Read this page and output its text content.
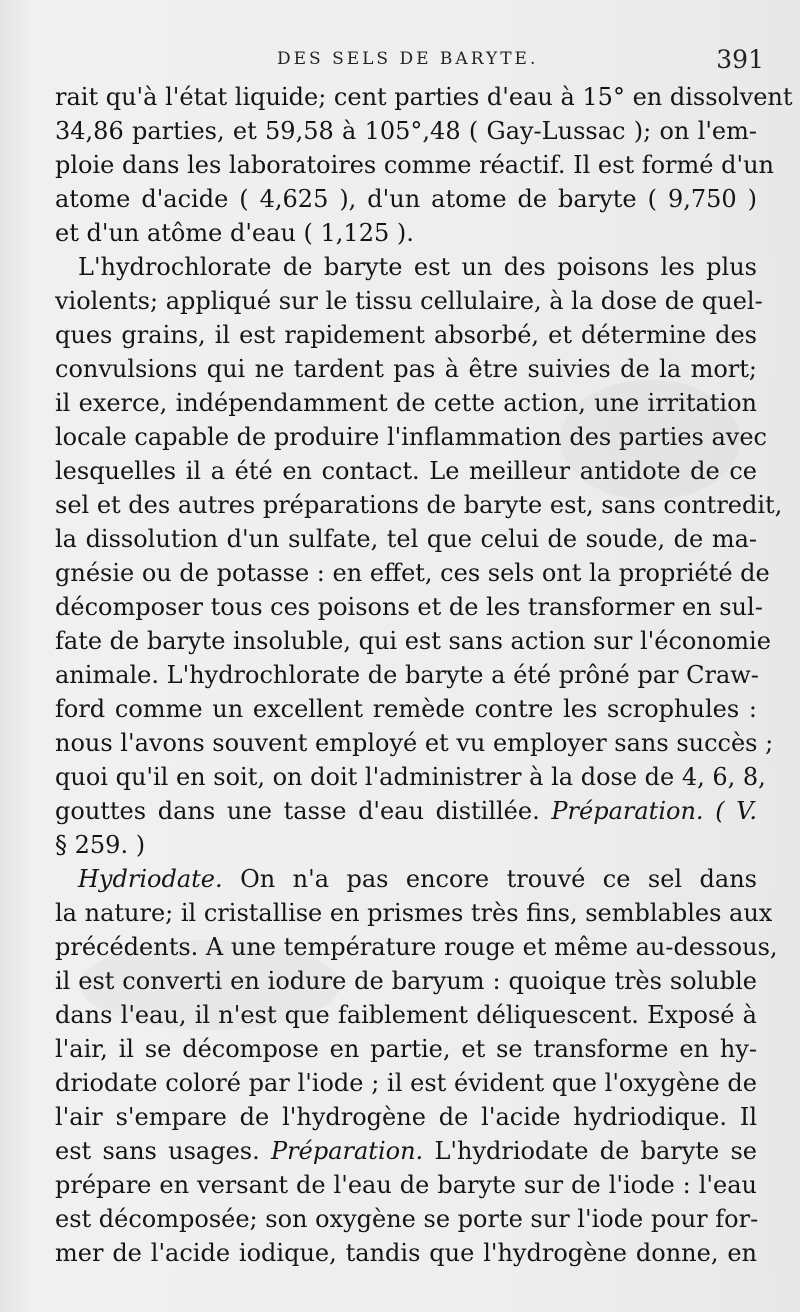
DES SELS DE BARYTE.	391
rait qu'à l'état liquide; cent parties d'eau à 15° en dissolvent
34,86 parties, et 59,58 à 105°,48 ( Gay-Lussac ); on l'em-
ploie dans les laboratoires comme réactif. Il est formé d'un
atome d'acide ( 4,625 ), d'un atome de baryte ( 9,750 )
et d'un atôme d'eau ( 1,125 ).
L'hydrochlorate de baryte est un des poisons les plus
violents; appliqué sur le tissu cellulaire, à la dose de quel-
ques grains, il est rapidement absorbé, et détermine des
convulsions qui ne tardent pas à être suivies de la mort;
il exerce, indépendamment de cette action, une irritation
locale capable de produire l'inflammation des parties avec
lesquelles il a été en contact. Le meilleur antidote de ce
sel et des autres préparations de baryte est, sans contredit,
la dissolution d'un sulfate, tel que celui de soude, de ma-
gnésie ou de potasse : en effet, ces sels ont la propriété de
décomposer tous ces poisons et de les transformer en sul-
fate de baryte insoluble, qui est sans action sur l'économie
animale. L'hydrochlorate de baryte a été prôné par Craw-
ford comme un excellent remède contre les scrophules :
nous l'avons souvent employé et vu employer sans succès ;
quoi qu'il en soit, on doit l'administrer à la dose de 4, 6, 8,
gouttes dans une tasse d'eau distillée. Préparation. ( V.
§ 259. )
Hydriodate. On n'a pas encore trouvé ce sel dans
la nature; il cristallise en prismes très fins, semblables aux
précédents. A une température rouge et même au-dessous,
il est converti en iodure de baryum : quoique très soluble
dans l'eau, il n'est que faiblement déliquescent. Exposé à
l'air, il se décompose en partie, et se transforme en hy-
driodate coloré par l'iode ; il est évident que l'oxygène de
l'air s'empare de l'hydrogène de l'acide hydriodique. Il
est sans usages. Préparation. L'hydriodate de baryte se
prépare en versant de l'eau de baryte sur de l'iode : l'eau
est décomposée; son oxygène se porte sur l'iode pour for-
mer de l'acide iodique, tandis que l'hydrogène donne, en
